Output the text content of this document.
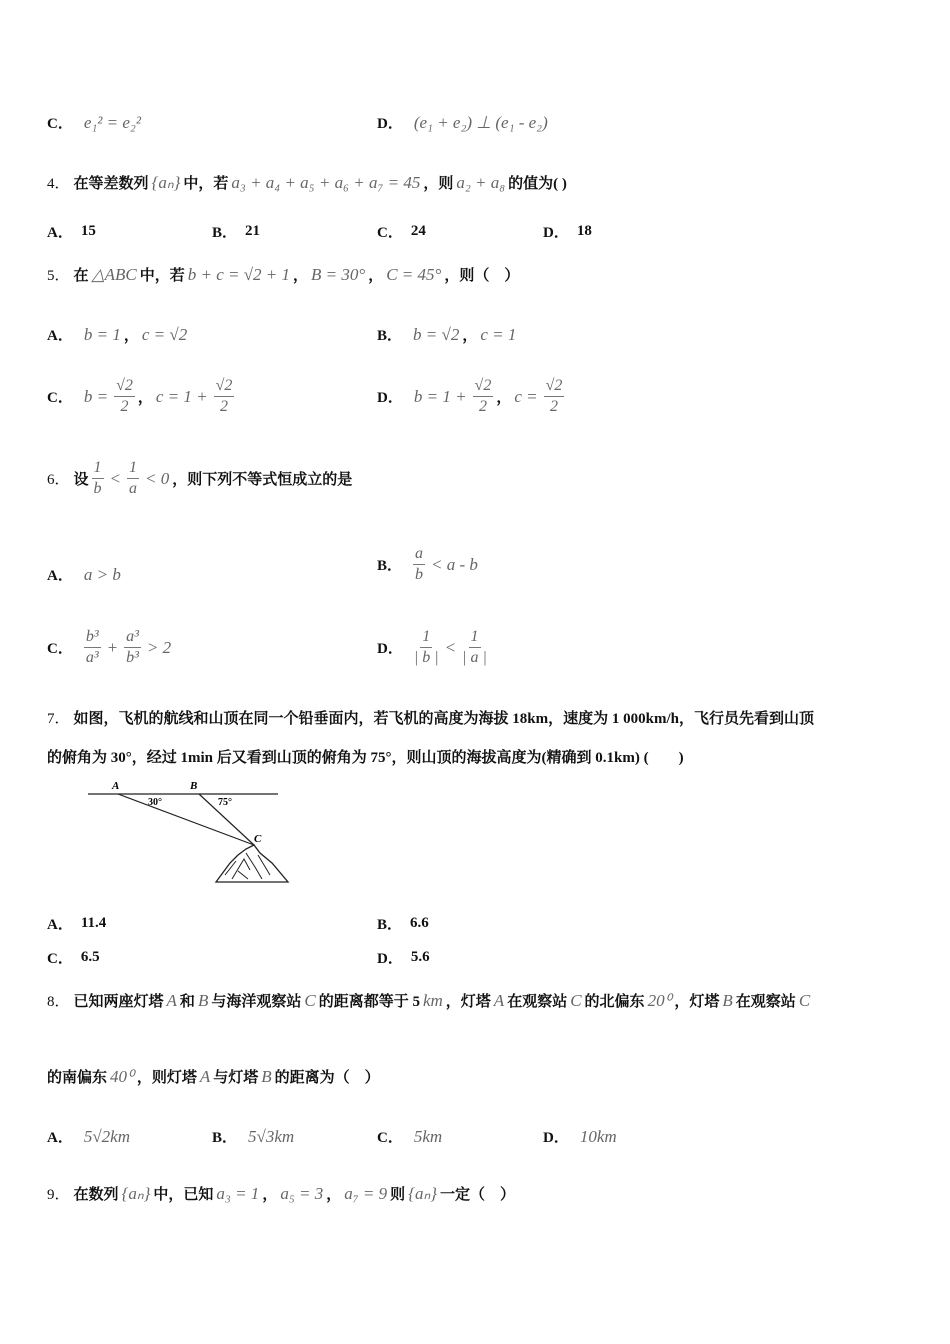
C． e₁² = e₂²	D． (e₁ + e₂) ⊥ (e₁ - e₂)
4． 在等差数列 {aₙ} 中，若 a₃ + a₄ + a₅ + a₆ + a₇ = 45 ，则 a₂ + a₈ 的值为( )
A． 15	B． 21	C． 24	D． 18
5． 在 △ABC 中，若 b + c = √2 + 1 ， B = 30° ， C = 45° ，则（　）
A． b = 1 ， c = √2	B． b = √2 ， c = 1
C． $b = \frac{√2}{2}$ ， $c = 1 + \frac{√2}{2}$	D． $b = 1 + \frac{√2}{2}$ ， $c = \frac{√2}{2}$
6． 设 $\frac{1}{b} < \frac{1}{a} < 0$ ，则下列不等式恒成立的是
A． a > b	B． $\frac{a}{b} < a - b$
C． $\frac{\text{b³}}{\text{a³}} + \frac{\text{a³}}{\text{b³}} > 2$	D． $\frac{1}{| b |} < \frac{1}{| a |}$
7． 如图，飞机的航线和山顶在同一个铅垂面内，若飞机的高度为海拔 18km，速度为 1 000km/h，飞行员先看到山顶
的俯角为 30°，经过 1min 后又看到山顶的俯角为 75°，则山顶的海拔高度为(精确到 0.1km) (　　)
A	B
C
30°	75°
A． 11.4	B． 6.6
C． 6.5	D． 5.6
8． 已知两座灯塔 A 和 B 与海洋观察站 C 的距离都等于 5 km ，灯塔 A 在观察站 C 的北偏东 20⁰ ，灯塔 B 在观察站 C
的南偏东 40⁰ ，则灯塔 A 与灯塔 B 的距离为（　）
A． 5√2km	B． 5√3km	C． 5km	D． 10km
9． 在数列 {aₙ} 中，已知 a₃ = 1 ， a₅ = 3 ， a₇ = 9 则 {aₙ} 一定（　）
